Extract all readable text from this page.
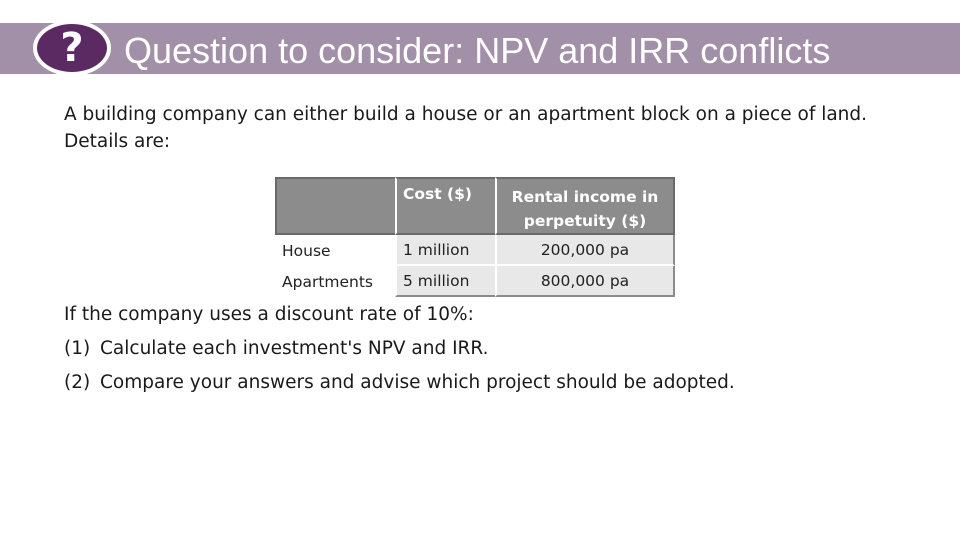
? Question to consider: NPV and IRR conflicts

A building company can either build a house or an apartment block on a piece of land.
Details are:

	Cost ($)	Rental income in perpetuity ($)
House	1 million	200,000 pa
Apartments	5 million	800,000 pa
If the company uses a discount rate of 10%:
(1) Calculate each investment's NPV and IRR.
(2) Compare your answers and advise which project should be adopted.
